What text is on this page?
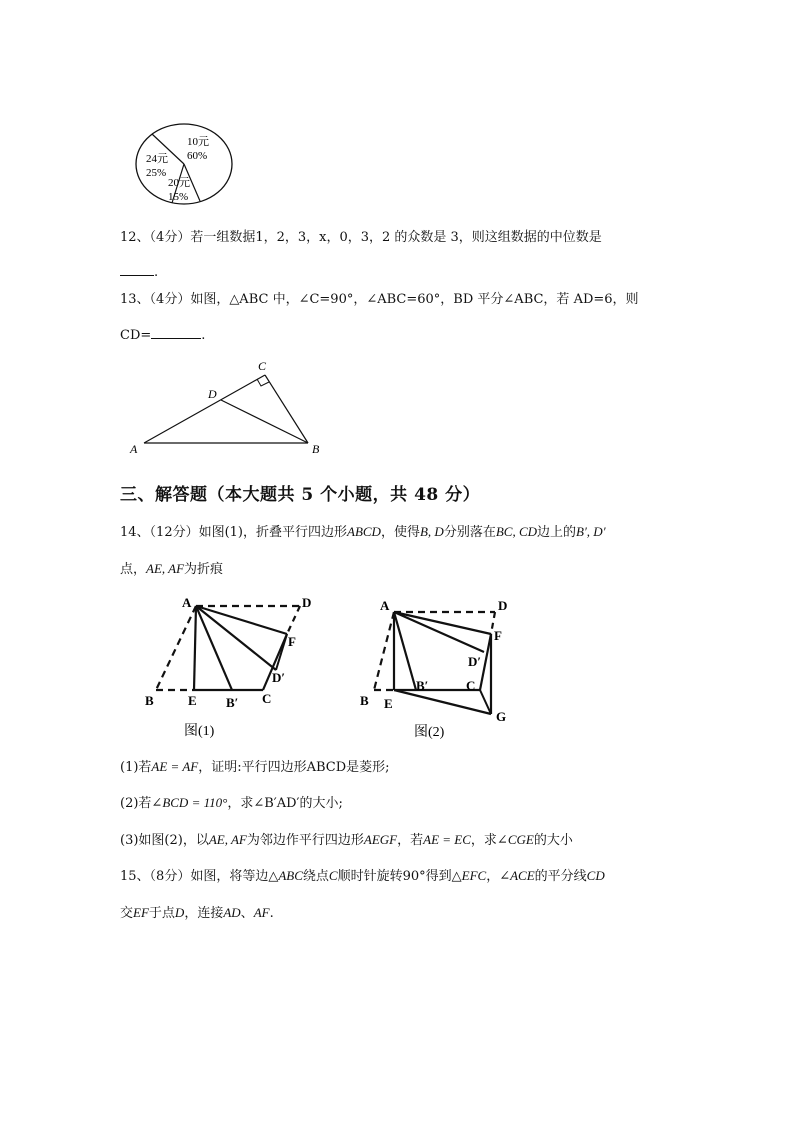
10元
60%
24元
25%
20元
15%
12、（4分）若一组数据1，2，3，x，0，3，2 的众数是 3，则这组数据的中位数是
.
13、（4分）如图，△ABC 中，∠C=90°，∠ABC=60°，BD 平分∠ABC，若 AD=6，则
CD=	.
A	B
C
D
三、解答题（本大题共 5 个小题，共 48 分）
14、（12分）如图(1)，折叠平行四边形ABCD，使得B, D分别落在BC, CD边上的B′, D′
点，AE, AF为折痕
A	D
B	E B′ C
F
D′
图(1)
A	D
B E
B′	C
F
D′
G
图(2)
(1)若AE = AF，证明:平行四边形ABCD是菱形;
(2)若∠BCD = 110°，求∠B′AD′的大小;
(3)如图(2)，以AE, AF为邻边作平行四边形AEGF，若AE = EC，求∠CGE的大小
15、（8分）如图，将等边△ABC绕点C顺时针旋转90°得到△EFC，∠ACE的平分线CD
交EF于点D，连接AD、AF.
